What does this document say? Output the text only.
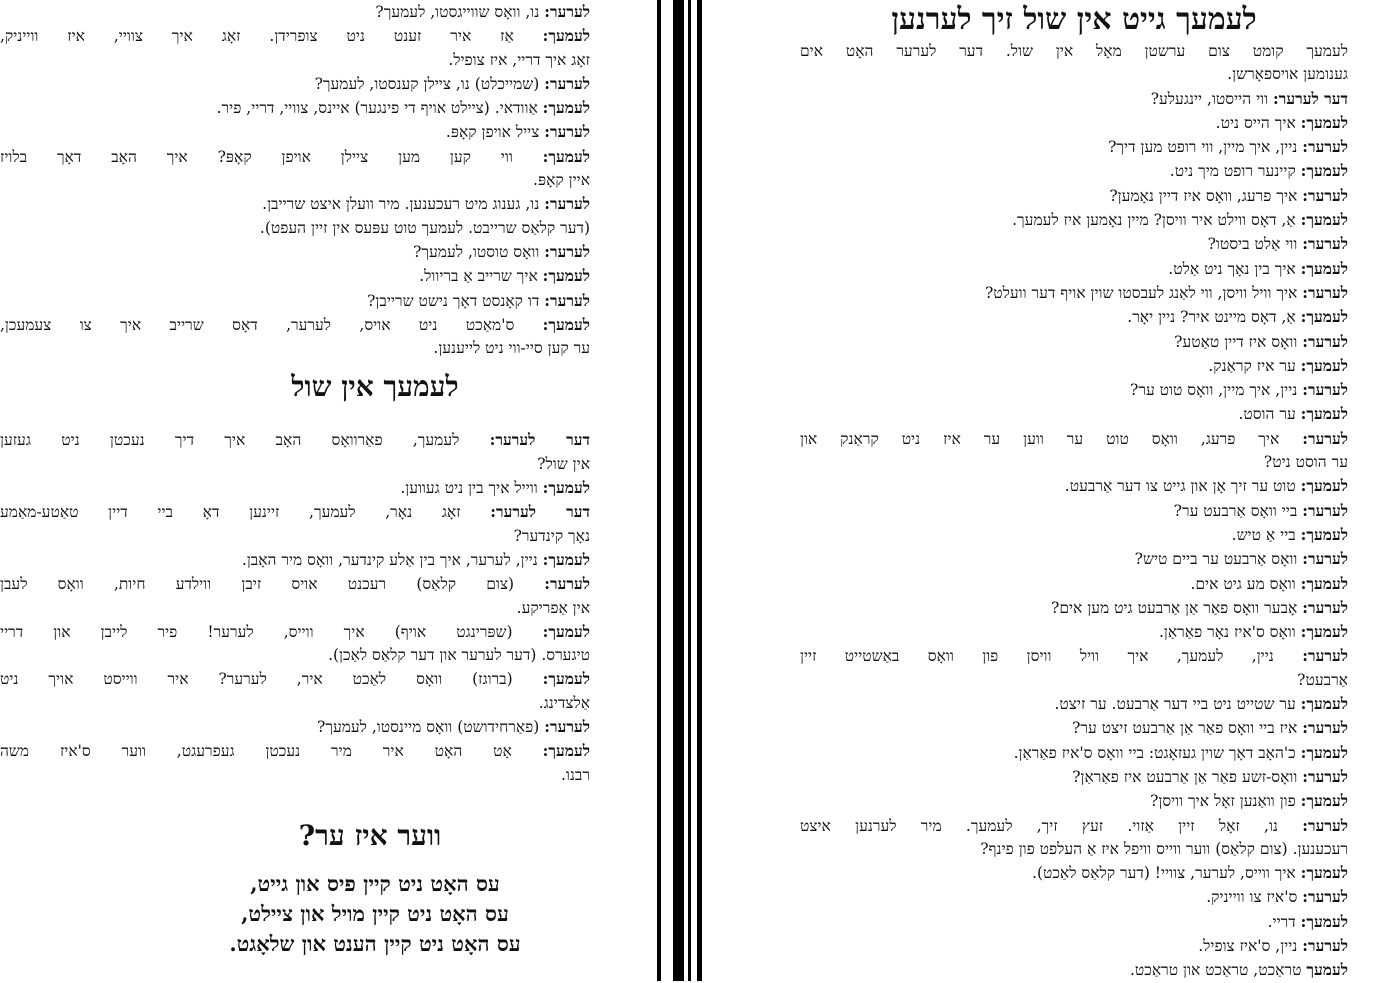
לעמעך גייט אין שול זיך לערנען
לעמעך קומט צום ערשטן מאָל אין שול. דער לערער האָט אים
גענומען אויספאָרשן.
דער לערער: ווי הייסטו, יינגעלע?
לעמעך: איך הייס ניט.
לערער: ניין, איך מיין, ווי רופט מען דיך?
לעמעך: קיינער רופט מיך ניט.
לערער: איך פרעג, וואָס איז דיין נאָמען?
לעמעך: אַ, דאָס ווילט איר וויסן? מיין נאָמען איז לעמעך.
לערער: ווי אַלט ביסטו?
לעמעך: איך בין נאָך ניט אַלט.
לערער: איך וויל וויסן, ווי לאַנג לעבסטו שוין אויף דער וועלט?
לעמעך: אַ, דאָס מיינט איר? ניין יאָר.
לערער: וואָס איז דיין טאַטע?
לעמעך: ער איז קראַנק.
לערער: ניין, איך מיין, וואָס טוט ער?
לעמעך: ער הוסט.
לערער: איך פרעג, וואָס טוט ער ווען ער איז ניט קראַנק און
ער הוסט ניט?
לעמעך: טוט ער זיך אָן און גייט צו דער אַרבעט.
לערער: ביי וואָס אַרבעט ער?
לעמעך: ביי אַ טיש.
לערער: וואָס אַרבעט ער ביים טיש?
לעמעך: וואָס מע גיט אים.
לערער: אָבער וואָס פאַר אַן אַרבעט גיט מען אים?
לעמעך: וואָס ס'איז נאָר פאַראַן.
לערער: ניין, לעמעך, איך וויל וויסן פון וואָס באַשטייט זיין
אַרבעט?
לעמעך: ער שטייט ניט ביי דער אַרבעט. ער זיצט.
לערער: איז ביי וואָס פאַר אַן אַרבעט זיצט ער?
לעמעך: כ'האָב דאָך שוין געזאָגט: ביי וואָס ס'איז פאַראַן.
לערער: וואָס-זשע פאַר אַן אַרבעט איז פאַראַן?
לעמעך: פון וואַנען זאָל איך וויסן?
לערער: נו, זאָל זיין אַזוי. זעץ זיך, לעמעך. מיר לערנען איצט
רעכענען. (צום קלאַס) ווער ווייס וויפל איז אַ העלפט פון פינף?
לעמעך: איך ווייס, לערער, צוויי! (דער קלאַס לאַכט).
לערער: ס'איז צו ווייניק.
לעמעך: דריי.
לערער: ניין, ס'איז צופיל.
לעמעך טראַכט, טראַכט און טראַכט.
לערער: נו, וואָס שווייגסטו, לעמעך?
לעמעך: אַז איר זענט ניט צופרידן. זאָג איך צוויי, איז ווייניק,
זאָג איך דריי, איז צופיל.
לערער: (שמייכלט) נו, ציילן קענסטו, לעמעך?
לעמעך: אַוודאי. (ציילט אויף די פינגער) איינס, צוויי, דריי, פיר.
לערער: צייל אויפן קאָפּ.
לעמעך: ווי קען מען ציילן אויפן קאָפּ? איך האָב דאָך בלויז
איין קאָפּ.
לערער: נו, גענוג מיט רעכענען. מיר וועלן איצט שרייבן.
(דער קלאַס שרייבט. לעמעך טוט עפּעס אין זיין העפט).
לערער: וואָס טוסטו, לעמעך?
לעמעך: איך שרייב אַ בריוול.
לערער: דו קאָנסט דאָך נישט שרייבן?
לעמעך: ס'מאַכט ניט אויס, לערער, דאָס שרייב איך צו צעמעכן,
ער קען סיי-ווי ניט לייענען.
לעמעך אין שול
דער לערער: לעמעך, פאַרוואָס האָב איך דיך נעכטן ניט געזען
אין שול?
לעמעך: ווייל איך בין ניט געווען.
דער לערער: זאָג נאָר, לעמעך, זיינען דאָ ביי דיין טאַטע-מאַמע
נאָך קינדער?
לעמעך: ניין, לערער, איך בין אַלע קינדער, וואָס מיר האָבן.
לערער: (צום קלאַס) רעכנט אויס זיבן ווילדע חיות, וואָס לעבן
אין אַפריקע.
לעמעך: (שפּרינגט אויף) איך ווייס, לערער! פיר לייבן און דריי
טיגערס. (דער לערער און דער קלאַס לאַכן).
לעמעך: (ברוגז) וואָס לאַכט איר, לערער? איר ווייסט אויך ניט
אַלצדינג.
לערער: (פאַרחידושט) וואָס מיינסטו, לעמעך?
לעמעך: אָט האָט איר מיר נעכטן געפרעגט, ווער ס'איז משה
רבנו.
ווער איז ער?
עס האָט ניט קיין פיס און גייט,
עס האָט ניט קיין מויל און ציילט,
עס האָט ניט קיין הענט און שלאָגט.
